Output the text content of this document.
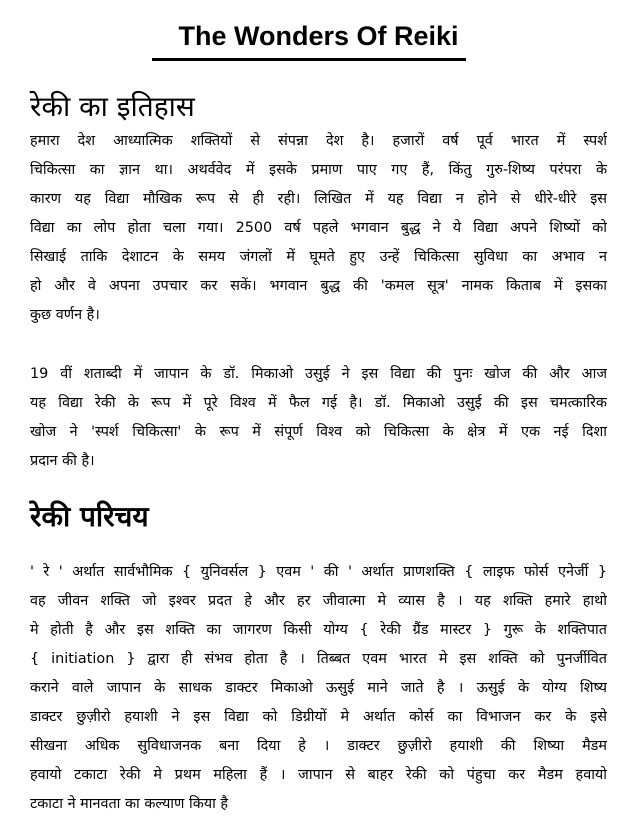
The Wonders Of Reiki
रेकी का इतिहास
हमारा देश आध्यात्मिक शक्तियों से संपन्ना देश है। हजारों वर्ष पूर्व भारत में स्पर्श
चिकित्सा का ज्ञान था। अथर्ववेद में इसके प्रमाण पाए गए हैं, किंतु गुरु-शिष्य परंपरा के
कारण यह विद्या मौखिक रूप से ही रही। लिखित में यह विद्या न होने से धीरे-धीरे इस
विद्या का लोप होता चला गया। 2500 वर्ष पहले भगवान बुद्ध ने ये विद्या अपने शिष्यों को
सिखाई ताकि देशाटन के समय जंगलों में घूमते हुए उन्हें चिकित्सा सुविधा का अभाव न
हो और वे अपना उपचार कर सकें। भगवान बुद्ध की 'कमल सूत्र' नामक किताब में इसका
कुछ वर्णन है।
19 वीं शताब्दी में जापान के डॉ. मिकाओ उसुई ने इस विद्या की पुनः खोज की और आज
यह विद्या रेकी के रूप में पूरे विश्व में फैल गई है। डॉ. मिकाओ उसुई की इस चमत्कारिक
खोज ने 'स्पर्श चिकित्सा' के रूप में संपूर्ण विश्व को चिकित्सा के क्षेत्र में एक नई दिशा
प्रदान की है।
रेकी परिचय
' रे ' अर्थात सार्वभौमिक { युनिवर्सल } एवम ' की ' अर्थात प्राणशक्ति { लाइफ फोर्स एनेर्जी }
वह जीवन शक्ति जो इश्वर प्रदत हे और हर जीवात्मा मे व्यास है । यह शक्ति हमारे हाथो
मे होती है और इस शक्ति का जागरण किसी योग्य { रेकी ग्रैंड मास्टर } गुरू के शक्तिपात
{ initiation } द्वारा ही संभव होता है । तिब्बत एवम भारत मे इस शक्ति को पुनर्जीवित
कराने वाले जापान के साधक डाक्टर मिकाओ ऊसुई माने जाते है । ऊसुई के योग्य शिष्य
डाक्टर छुज़ीरो हयाशी ने इस विद्या को डिग्रीयों मे अर्थात कोर्स का विभाजन कर के इसे
सीखना अधिक सुविधाजनक बना दिया हे । डाक्टर छुज़ीरो हयाशी की शिष्या मैडम
हवायो टकाटा रेकी मे प्रथम महिला हैं । जापान से बाहर रेकी को पंहुचा कर मैडम हवायो
टकाटा ने मानवता का कल्याण किया है
